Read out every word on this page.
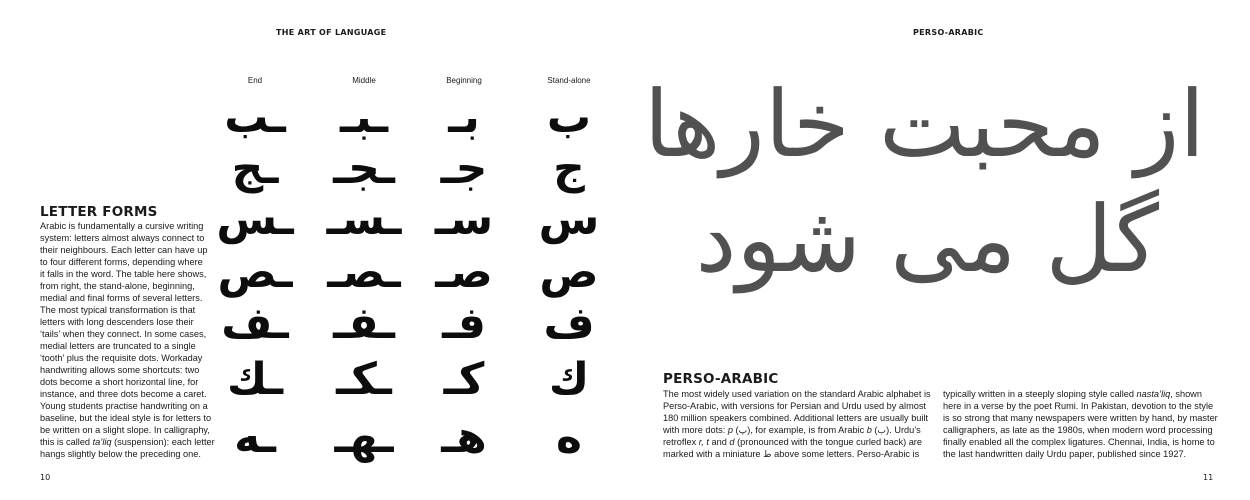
THE ART OF LANGUAGE
End	Middle	Beginning	Stand-alone
ـب ـبـ بـ ب
ـج ـجـ جـ ج
ـس ـسـ سـ س
ـص ـصـ صـ ص
ـف ـفـ فـ ف
ـك ـكـ كـ ك
ـه ـهـ هـ ه
LETTER FORMS
Arabic is fundamentally a cursive writing
system: letters almost always connect to
their neighbours. Each letter can have up
to four different forms, depending where
it falls in the word. The table here shows,
from right, the stand-alone, beginning,
medial and final forms of several letters.
The most typical transformation is that
letters with long descenders lose their
‘tails’ when they connect. In some cases,
medial letters are truncated to a single
‘tooth’ plus the requisite dots. Workaday
handwriting allows some shortcuts: two
dots become a short horizontal line, for
instance, and three dots become a caret.
Young students practise handwriting on a
baseline, but the ideal style is for letters to
be written on a slight slope. In calligraphy,
this is called ta’liq (suspension): each letter
hangs slightly below the preceding one.
10
PERSO-ARABIC
از محبت خارها
گل می شود
PERSO-ARABIC
The most widely used variation on the standard Arabic alphabet is
Perso-Arabic, with versions for Persian and Urdu used by almost
180 million speakers combined. Additional letters are usually built
with more dots: p (پ), for example, is from Arabic b (ب). Urdu’s
retroflex r, t and d (pronounced with the tongue curled back) are
marked with a miniature ط above some letters. Perso-Arabic is
typically written in a steeply sloping style called nasta’liq, shown
here in a verse by the poet Rumi. In Pakistan, devotion to the style
is so strong that many newspapers were written by hand, by master
calligraphers, as late as the 1980s, when modern word processing
finally enabled all the complex ligatures. Chennai, India, is home to
the last handwritten daily Urdu paper, published since 1927.
11
